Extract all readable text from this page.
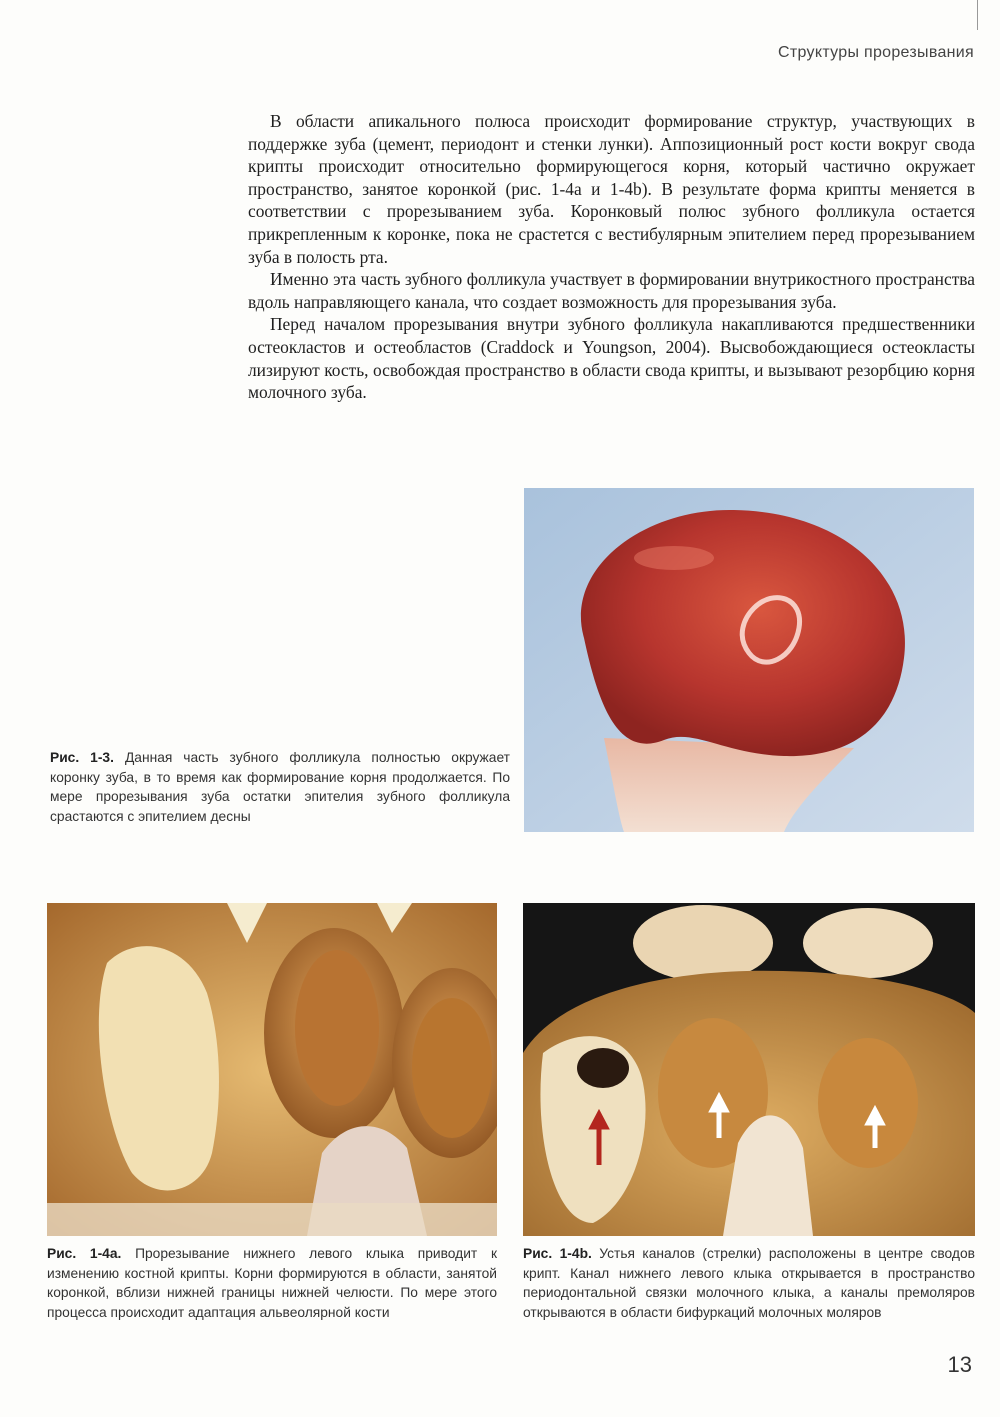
Структуры прорезывания

В области апикального полюса происходит формирование структур, участвующих в поддержке зуба (цемент, периодонт и стенки лунки). Аппозиционный рост кости вокруг свода крипты происходит относительно формирующегося корня, который частично окружает пространство, занятое коронкой (рис. 1-4a и 1-4b). В результате форма крипты меняется в соответствии с прорезыванием зуба. Коронковый полюс зубного фолликула остается прикрепленным к коронке, пока не срастется с вестибулярным эпителием перед прорезыванием зуба в полость рта.

Именно эта часть зубного фолликула участвует в формировании внутрикостного пространства вдоль направляющего канала, что создает возможность для прорезывания зуба.

Перед началом прорезывания внутри зубного фолликула накапливаются предшественники остеокластов и остеобластов (Craddock и Youngson, 2004). Высвобождающиеся остеокласты лизируют кость, освобождая пространство в области свода крипты, и вызывают резорбцию корня молочного зуба.

Рис. 1-3. Данная часть зубного фолликула полностью окружает коронку зуба, в то время как формирование корня продолжается. По мере прорезывания зуба остатки эпителия зубного фолликула срастаются с эпителием десны
Рис. 1-4a. Прорезывание нижнего левого клыка приводит к изменению костной крипты. Корни формируются в области, занятой коронкой, вблизи нижней границы нижней челюсти. По мере этого процесса происходит адаптация альвеолярной кости
Рис. 1-4b. Устья каналов (стрелки) расположены в центре сводов крипт. Канал нижнего левого клыка открывается в пространство периодонтальной связки молочного клыка, а каналы премоляров открываются в области бифуркаций молочных моляров
13
